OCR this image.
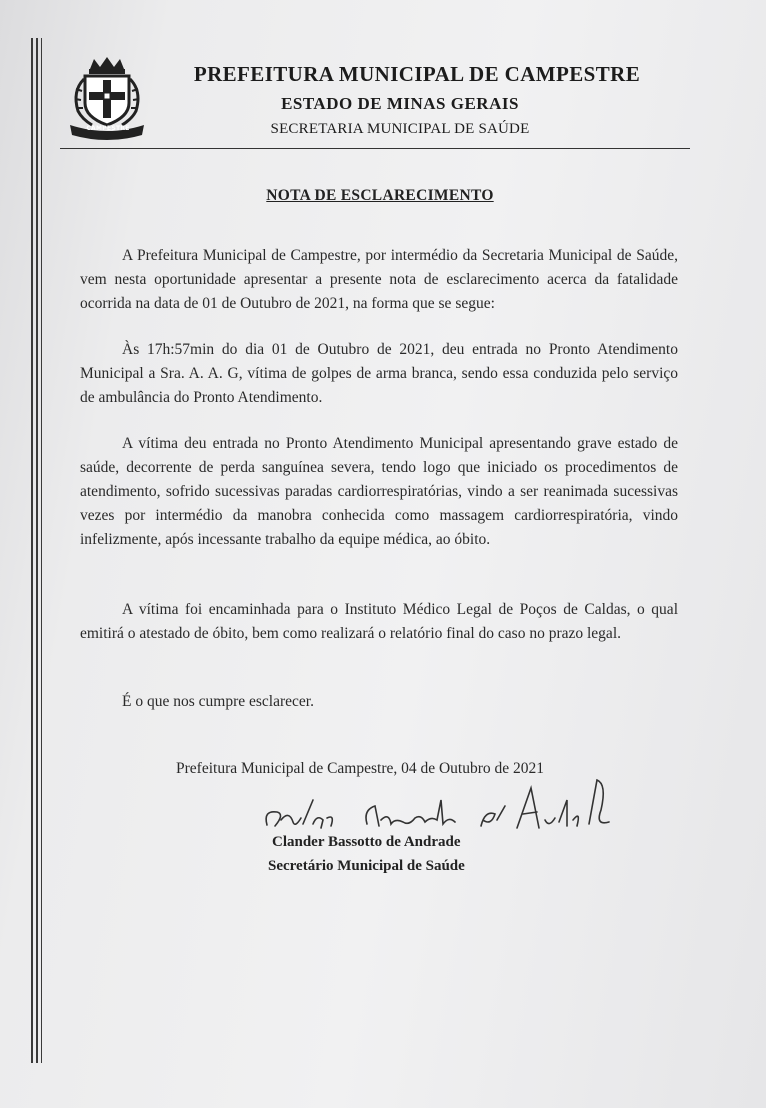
CAMPESTRE
PREFEITURA MUNICIPAL DE CAMPESTRE
ESTADO DE MINAS GERAIS
SECRETARIA MUNICIPAL DE SAÚDE
NOTA DE ESCLARECIMENTO

A Prefeitura Municipal de Campestre, por intermédio da Secretaria Municipal de Saúde, vem nesta oportunidade apresentar a presente nota de esclarecimento acerca da fatalidade ocorrida na data de 01 de Outubro de 2021, na forma que se segue:

Às 17h:57min do dia 01 de Outubro de 2021, deu entrada no Pronto Atendimento Municipal a Sra. A. A. G, vítima de golpes de arma branca, sendo essa conduzida pelo serviço de ambulância do Pronto Atendimento.

A vítima deu entrada no Pronto Atendimento Municipal apresentando grave estado de saúde, decorrente de perda sanguínea severa, tendo logo que iniciado os procedimentos de atendimento, sofrido sucessivas paradas cardiorrespiratórias, vindo a ser reanimada sucessivas vezes por intermédio da manobra conhecida como massagem cardiorrespiratória, vindo infelizmente, após incessante trabalho da equipe médica, ao óbito.

A vítima foi encaminhada para o Instituto Médico Legal de Poços de Caldas, o qual emitirá o atestado de óbito, bem como realizará o relatório final do caso no prazo legal.

É o que nos cumpre esclarecer.

Prefeitura Municipal de Campestre, 04 de Outubro de 2021
Clander Bassotto de Andrade
Secretário Municipal de Saúde
